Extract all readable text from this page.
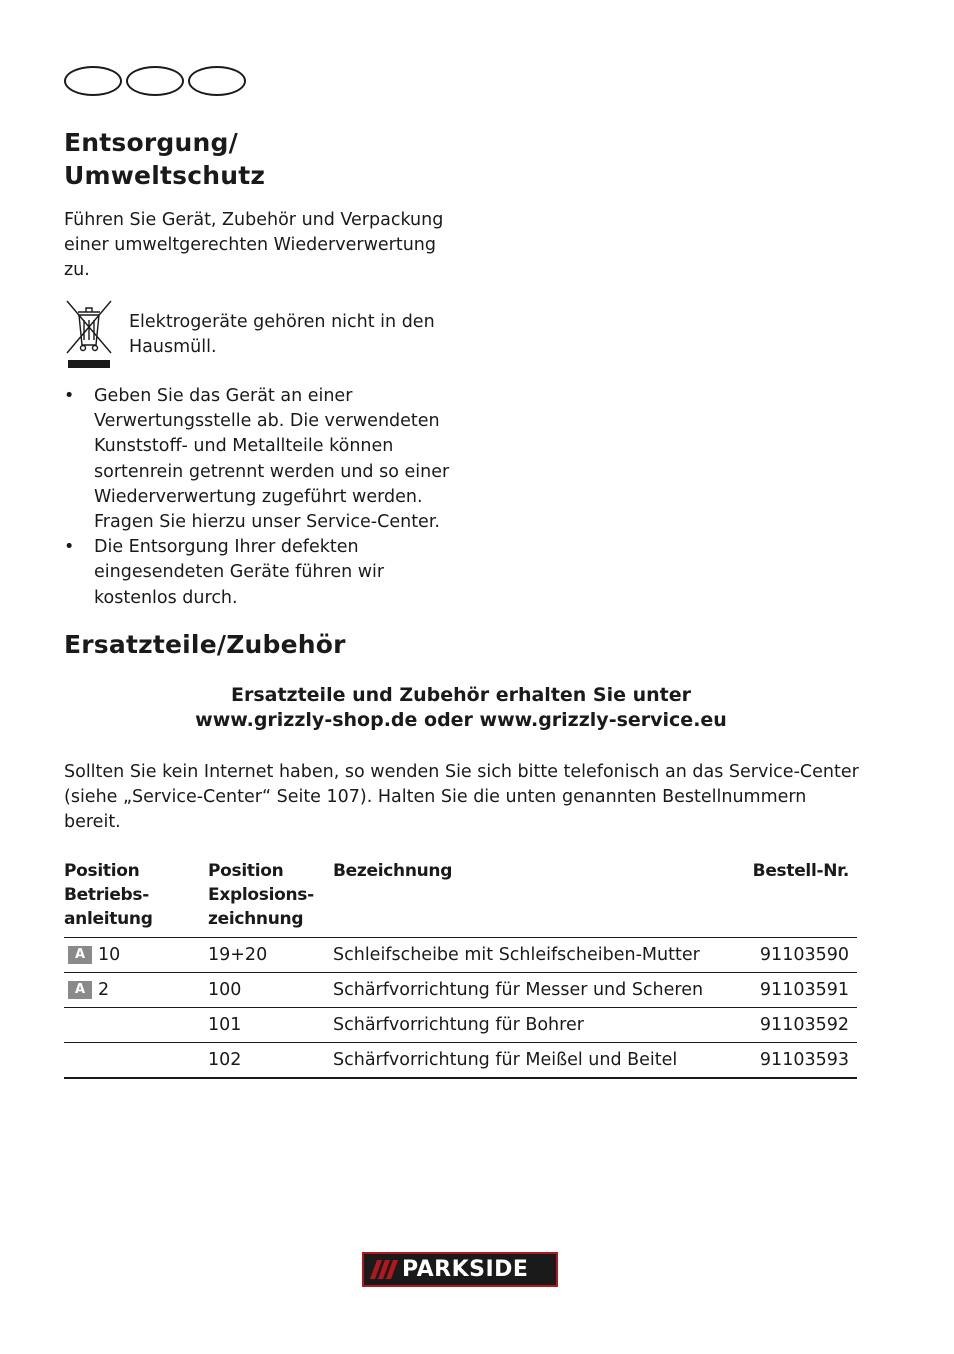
Entsorgung/ Umweltschutz

Führen Sie Gerät, Zubehör und Verpackung einer umweltgerechten Wiederverwertung zu.

Elektrogeräte gehören nicht in den Hausmüll.

• Geben Sie das Gerät an einer Verwertungsstelle ab. Die verwendeten Kunststoff- und Metallteile können sortenrein getrennt werden und so einer Wiederverwertung zugeführt werden. Fragen Sie hierzu unser Service-Center.
• Die Entsorgung Ihrer defekten eingesendeten Geräte führen wir kostenlos durch.
Ersatzteile/Zubehör
Ersatzteile und Zubehör erhalten Sie unter
www.grizzly-shop.de oder www.grizzly-service.eu

Sollten Sie kein Internet haben, so wenden Sie sich bitte telefonisch an das Service-Center (siehe „Service-Center“ Seite 107). Halten Sie die unten genannten Bestellnummern bereit.

Position Betriebs-anleitung	Position Explosions-zeichnung	Bezeichnung	Bestell-Nr.
A 10	19+20	Schleifscheibe mit Schleifscheiben-Mutter	91103590
A 2	100	Schärfvorrichtung für Messer und Scheren	91103591
	101	Schärfvorrichtung für Bohrer	91103592
	102	Schärfvorrichtung für Meißel und Beitel	91103593
PARKSIDE
